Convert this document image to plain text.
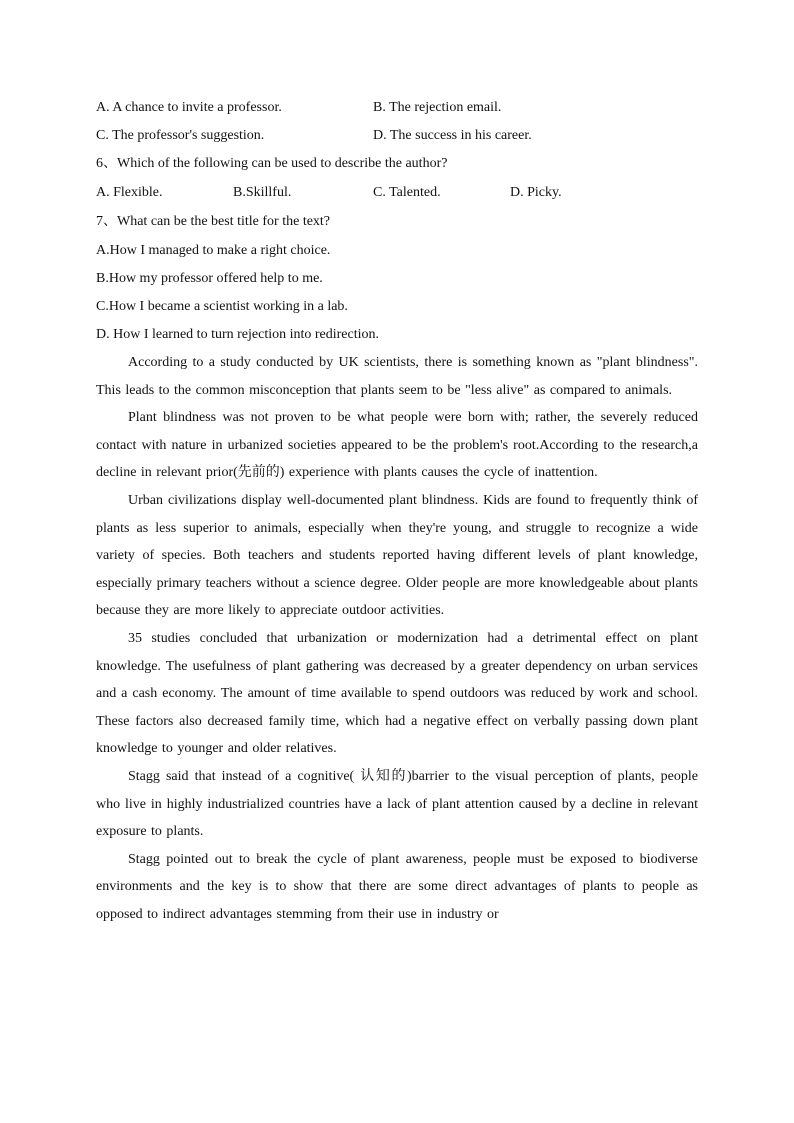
A. A chance to invite a professor.	B. The rejection email.
C. The professor's suggestion.	D. The success in his career.

6、Which of the following can be used to describe the author?

A. Flexible.	B.Skillful.	C. Talented.	D. Picky.

7、What can be the best title for the text?

A.How I managed to make a right choice.

B.How my professor offered help to me.

C.How I became a scientist working in a lab.

D. How I learned to turn rejection into redirection.

According to a study conducted by UK scientists, there is something known as "plant blindness". This leads to the common misconception that plants seem to be "less alive" as compared to animals.

Plant blindness was not proven to be what people were born with; rather, the severely reduced contact with nature in urbanized societies appeared to be the problem's root.According to the research,a decline in relevant prior(先前的) experience with plants causes the cycle of inattention.

Urban civilizations display well-documented plant blindness. Kids are found to frequently think of plants as less superior to animals, especially when they're young, and struggle to recognize a wide variety of species. Both teachers and students reported having different levels of plant knowledge, especially primary teachers without a science degree. Older people are more knowledgeable about plants because they are more likely to appreciate outdoor activities.

35 studies concluded that urbanization or modernization had a detrimental effect on plant knowledge. The usefulness of plant gathering was decreased by a greater dependency on urban services and a cash economy. The amount of time available to spend outdoors was reduced by work and school. These factors also decreased family time, which had a negative effect on verbally passing down plant knowledge to younger and older relatives.

Stagg said that instead of a cognitive( 认知的)barrier to the visual perception of plants, people who live in highly industrialized countries have a lack of plant attention caused by a decline in relevant exposure to plants.

Stagg pointed out to break the cycle of plant awareness, people must be exposed to biodiverse environments and the key is to show that there are some direct advantages of plants to people as opposed to indirect advantages stemming from their use in industry or
